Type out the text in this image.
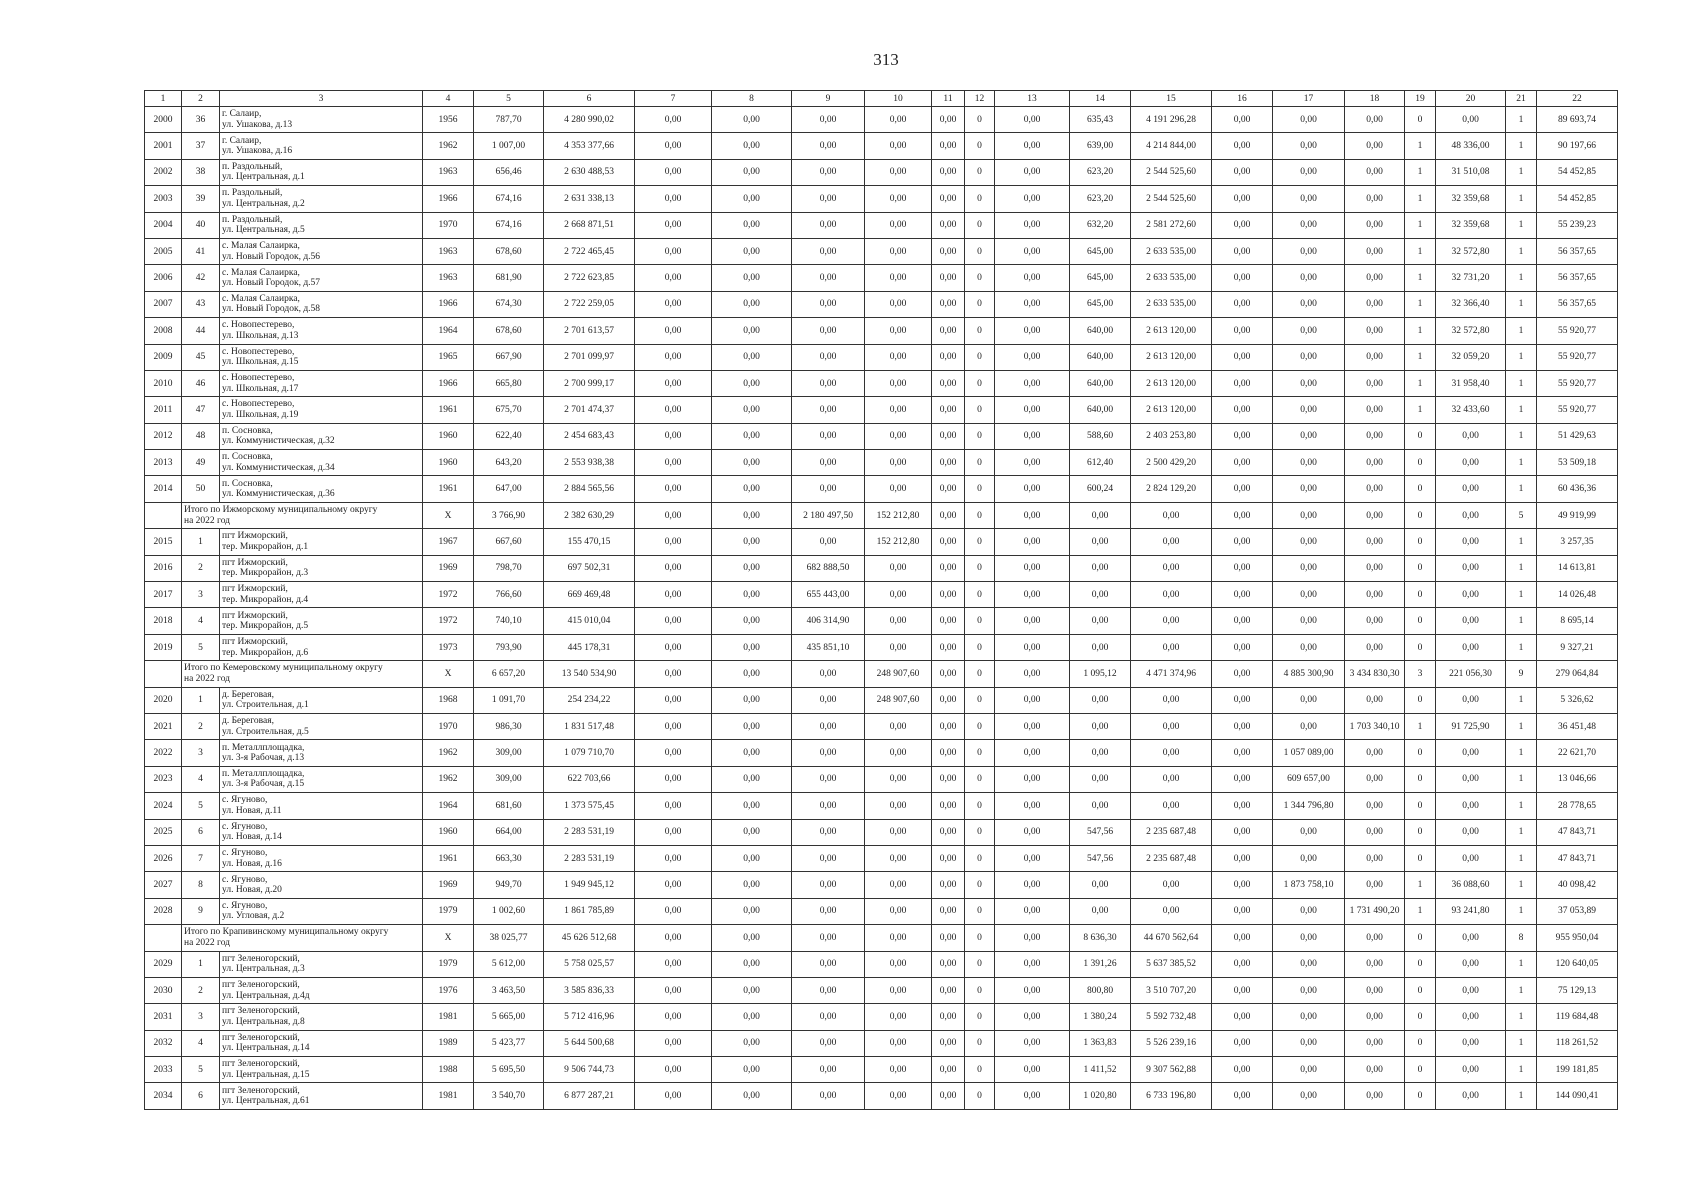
313
1	2	3	4	5	6	7	8	9	10	11	12	13	14	15	16	17	18	19	20	21	22
2000	36	г. Салаир,
ул. Ушакова, д.13	1956	787,70	4 280 990,02	0,00	0,00	0,00	0,00	0,00	0	0,00	635,43	4 191 296,28	0,00	0,00	0,00	0	0,00	1	89 693,74
2001	37	г. Салаир,
ул. Ушакова, д.16	1962	1 007,00	4 353 377,66	0,00	0,00	0,00	0,00	0,00	0	0,00	639,00	4 214 844,00	0,00	0,00	0,00	1	48 336,00	1	90 197,66
2002	38	п. Раздольный,
ул. Центральная, д.1	1963	656,46	2 630 488,53	0,00	0,00	0,00	0,00	0,00	0	0,00	623,20	2 544 525,60	0,00	0,00	0,00	1	31 510,08	1	54 452,85
2003	39	п. Раздольный,
ул. Центральная, д.2	1966	674,16	2 631 338,13	0,00	0,00	0,00	0,00	0,00	0	0,00	623,20	2 544 525,60	0,00	0,00	0,00	1	32 359,68	1	54 452,85
2004	40	п. Раздольный,
ул. Центральная, д.5	1970	674,16	2 668 871,51	0,00	0,00	0,00	0,00	0,00	0	0,00	632,20	2 581 272,60	0,00	0,00	0,00	1	32 359,68	1	55 239,23
2005	41	с. Малая Салаирка,
ул. Новый Городок, д.56	1963	678,60	2 722 465,45	0,00	0,00	0,00	0,00	0,00	0	0,00	645,00	2 633 535,00	0,00	0,00	0,00	1	32 572,80	1	56 357,65
2006	42	с. Малая Салаирка,
ул. Новый Городок, д.57	1963	681,90	2 722 623,85	0,00	0,00	0,00	0,00	0,00	0	0,00	645,00	2 633 535,00	0,00	0,00	0,00	1	32 731,20	1	56 357,65
2007	43	с. Малая Салаирка,
ул. Новый Городок, д.58	1966	674,30	2 722 259,05	0,00	0,00	0,00	0,00	0,00	0	0,00	645,00	2 633 535,00	0,00	0,00	0,00	1	32 366,40	1	56 357,65
2008	44	с. Новопестерево,
ул. Школьная, д.13	1964	678,60	2 701 613,57	0,00	0,00	0,00	0,00	0,00	0	0,00	640,00	2 613 120,00	0,00	0,00	0,00	1	32 572,80	1	55 920,77
2009	45	с. Новопестерево,
ул. Школьная, д.15	1965	667,90	2 701 099,97	0,00	0,00	0,00	0,00	0,00	0	0,00	640,00	2 613 120,00	0,00	0,00	0,00	1	32 059,20	1	55 920,77
2010	46	с. Новопестерево,
ул. Школьная, д.17	1966	665,80	2 700 999,17	0,00	0,00	0,00	0,00	0,00	0	0,00	640,00	2 613 120,00	0,00	0,00	0,00	1	31 958,40	1	55 920,77
2011	47	с. Новопестерево,
ул. Школьная, д.19	1961	675,70	2 701 474,37	0,00	0,00	0,00	0,00	0,00	0	0,00	640,00	2 613 120,00	0,00	0,00	0,00	1	32 433,60	1	55 920,77
2012	48	п. Сосновка,
ул. Коммунистическая, д.32	1960	622,40	2 454 683,43	0,00	0,00	0,00	0,00	0,00	0	0,00	588,60	2 403 253,80	0,00	0,00	0,00	0	0,00	1	51 429,63
2013	49	п. Сосновка,
ул. Коммунистическая, д.34	1960	643,20	2 553 938,38	0,00	0,00	0,00	0,00	0,00	0	0,00	612,40	2 500 429,20	0,00	0,00	0,00	0	0,00	1	53 509,18
2014	50	п. Сосновка,
ул. Коммунистическая, д.36	1961	647,00	2 884 565,56	0,00	0,00	0,00	0,00	0,00	0	0,00	600,24	2 824 129,20	0,00	0,00	0,00	0	0,00	1	60 436,36
	Итого по Ижморскому муниципальному округу
на 2022 год		X	3 766,90	2 382 630,29	0,00	0,00	2 180 497,50	152 212,80	0,00	0	0,00	0,00	0,00	0,00	0,00	0,00	0	0,00	5	49 919,99
2015	1	пгт Ижморский,
тер. Микрорайон, д.1	1967	667,60	155 470,15	0,00	0,00	0,00	152 212,80	0,00	0	0,00	0,00	0,00	0,00	0,00	0,00	0	0,00	1	3 257,35
2016	2	пгт Ижморский,
тер. Микрорайон, д.3	1969	798,70	697 502,31	0,00	0,00	682 888,50	0,00	0,00	0	0,00	0,00	0,00	0,00	0,00	0,00	0	0,00	1	14 613,81
2017	3	пгт Ижморский,
тер. Микрорайон, д.4	1972	766,60	669 469,48	0,00	0,00	655 443,00	0,00	0,00	0	0,00	0,00	0,00	0,00	0,00	0,00	0	0,00	1	14 026,48
2018	4	пгт Ижморский,
тер. Микрорайон, д.5	1972	740,10	415 010,04	0,00	0,00	406 314,90	0,00	0,00	0	0,00	0,00	0,00	0,00	0,00	0,00	0	0,00	1	8 695,14
2019	5	пгт Ижморский,
тер. Микрорайон, д.6	1973	793,90	445 178,31	0,00	0,00	435 851,10	0,00	0,00	0	0,00	0,00	0,00	0,00	0,00	0,00	0	0,00	1	9 327,21
	Итого по Кемеровскому муниципальному округу
на 2022 год		X	6 657,20	13 540 534,90	0,00	0,00	0,00	248 907,60	0,00	0	0,00	1 095,12	4 471 374,96	0,00	4 885 300,90	3 434 830,30	3	221 056,30	9	279 064,84
2020	1	д. Береговая,
ул. Строительная, д.1	1968	1 091,70	254 234,22	0,00	0,00	0,00	248 907,60	0,00	0	0,00	0,00	0,00	0,00	0,00	0,00	0	0,00	1	5 326,62
2021	2	д. Береговая,
ул. Строительная, д.5	1970	986,30	1 831 517,48	0,00	0,00	0,00	0,00	0,00	0	0,00	0,00	0,00	0,00	0,00	1 703 340,10	1	91 725,90	1	36 451,48
2022	3	п. Металлплощадка,
ул. 3-я Рабочая, д.13	1962	309,00	1 079 710,70	0,00	0,00	0,00	0,00	0,00	0	0,00	0,00	0,00	0,00	1 057 089,00	0,00	0	0,00	1	22 621,70
2023	4	п. Металлплощадка,
ул. 3-я Рабочая, д.15	1962	309,00	622 703,66	0,00	0,00	0,00	0,00	0,00	0	0,00	0,00	0,00	0,00	609 657,00	0,00	0	0,00	1	13 046,66
2024	5	с. Ягуново,
ул. Новая, д.11	1964	681,60	1 373 575,45	0,00	0,00	0,00	0,00	0,00	0	0,00	0,00	0,00	0,00	1 344 796,80	0,00	0	0,00	1	28 778,65
2025	6	с. Ягуново,
ул. Новая, д.14	1960	664,00	2 283 531,19	0,00	0,00	0,00	0,00	0,00	0	0,00	547,56	2 235 687,48	0,00	0,00	0,00	0	0,00	1	47 843,71
2026	7	с. Ягуново,
ул. Новая, д.16	1961	663,30	2 283 531,19	0,00	0,00	0,00	0,00	0,00	0	0,00	547,56	2 235 687,48	0,00	0,00	0,00	0	0,00	1	47 843,71
2027	8	с. Ягуново,
ул. Новая, д.20	1969	949,70	1 949 945,12	0,00	0,00	0,00	0,00	0,00	0	0,00	0,00	0,00	0,00	1 873 758,10	0,00	1	36 088,60	1	40 098,42
2028	9	с. Ягуново,
ул. Угловая, д.2	1979	1 002,60	1 861 785,89	0,00	0,00	0,00	0,00	0,00	0	0,00	0,00	0,00	0,00	0,00	1 731 490,20	1	93 241,80	1	37 053,89
	Итого по Крапивинскому муниципальному округу
на 2022 год		X	38 025,77	45 626 512,68	0,00	0,00	0,00	0,00	0,00	0	0,00	8 636,30	44 670 562,64	0,00	0,00	0,00	0	0,00	8	955 950,04
2029	1	пгт Зеленогорский,
ул. Центральная, д.3	1979	5 612,00	5 758 025,57	0,00	0,00	0,00	0,00	0,00	0	0,00	1 391,26	5 637 385,52	0,00	0,00	0,00	0	0,00	1	120 640,05
2030	2	пгт Зеленогорский,
ул. Центральная, д.4д	1976	3 463,50	3 585 836,33	0,00	0,00	0,00	0,00	0,00	0	0,00	800,80	3 510 707,20	0,00	0,00	0,00	0	0,00	1	75 129,13
2031	3	пгт Зеленогорский,
ул. Центральная, д.8	1981	5 665,00	5 712 416,96	0,00	0,00	0,00	0,00	0,00	0	0,00	1 380,24	5 592 732,48	0,00	0,00	0,00	0	0,00	1	119 684,48
2032	4	пгт Зеленогорский,
ул. Центральная, д.14	1989	5 423,77	5 644 500,68	0,00	0,00	0,00	0,00	0,00	0	0,00	1 363,83	5 526 239,16	0,00	0,00	0,00	0	0,00	1	118 261,52
2033	5	пгт Зеленогорский,
ул. Центральная, д.15	1988	5 695,50	9 506 744,73	0,00	0,00	0,00	0,00	0,00	0	0,00	1 411,52	9 307 562,88	0,00	0,00	0,00	0	0,00	1	199 181,85
2034	6	пгт Зеленогорский,
ул. Центральная, д.61	1981	3 540,70	6 877 287,21	0,00	0,00	0,00	0,00	0,00	0	0,00	1 020,80	6 733 196,80	0,00	0,00	0,00	0	0,00	1	144 090,41
